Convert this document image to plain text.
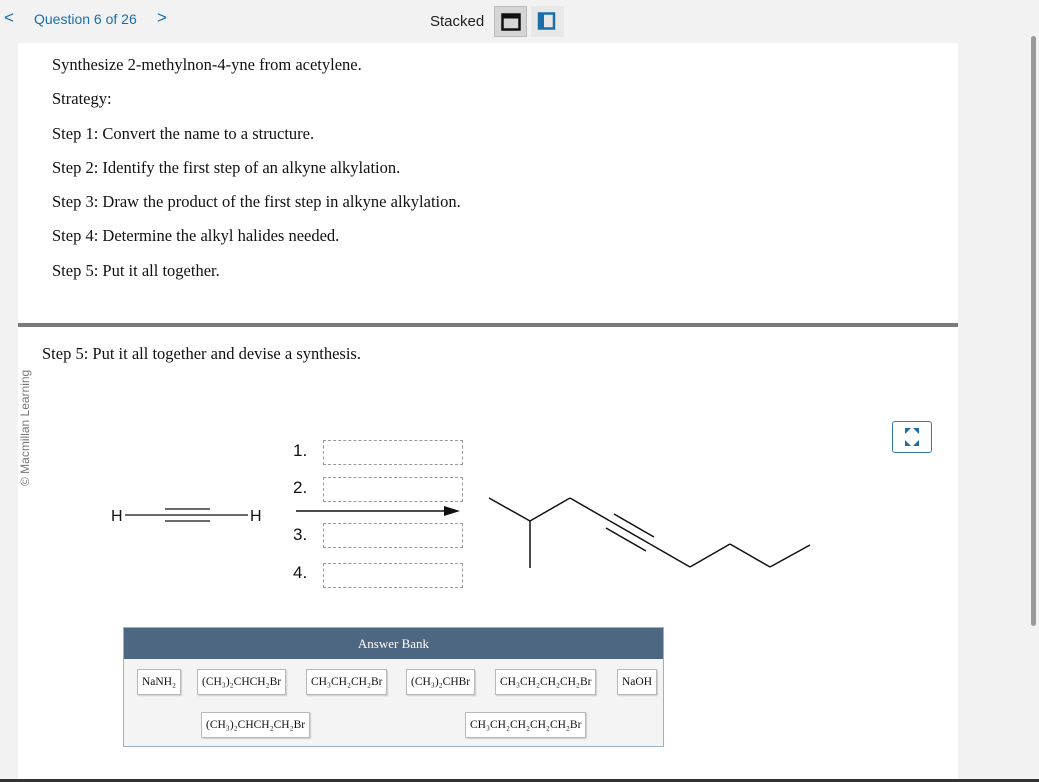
< Question 6 of 26 >	Stacked
Synthesize 2-methylnon-4-yne from acetylene.
Strategy:
Step 1: Convert the name to a structure.
Step 2: Identify the first step of an alkyne alkylation.
Step 3: Draw the product of the first step in alkyne alkylation.
Step 4: Determine the alkyl halides needed.
Step 5: Put it all together.
Step 5: Put it all together and devise a synthesis.
© Macmillan Learning
H	H
1.
2.
3.
4.
Answer Bank
NaNH₂	(CH₃)₂CHCH₂Br	CH₃CH₂CH₂Br	(CH₃)₂CHBr	CH₃CH₂CH₂CH₂Br	NaOH
(CH₃)₂CHCH₂CH₂Br	CH₃CH₂CH₂CH₂CH₂Br
